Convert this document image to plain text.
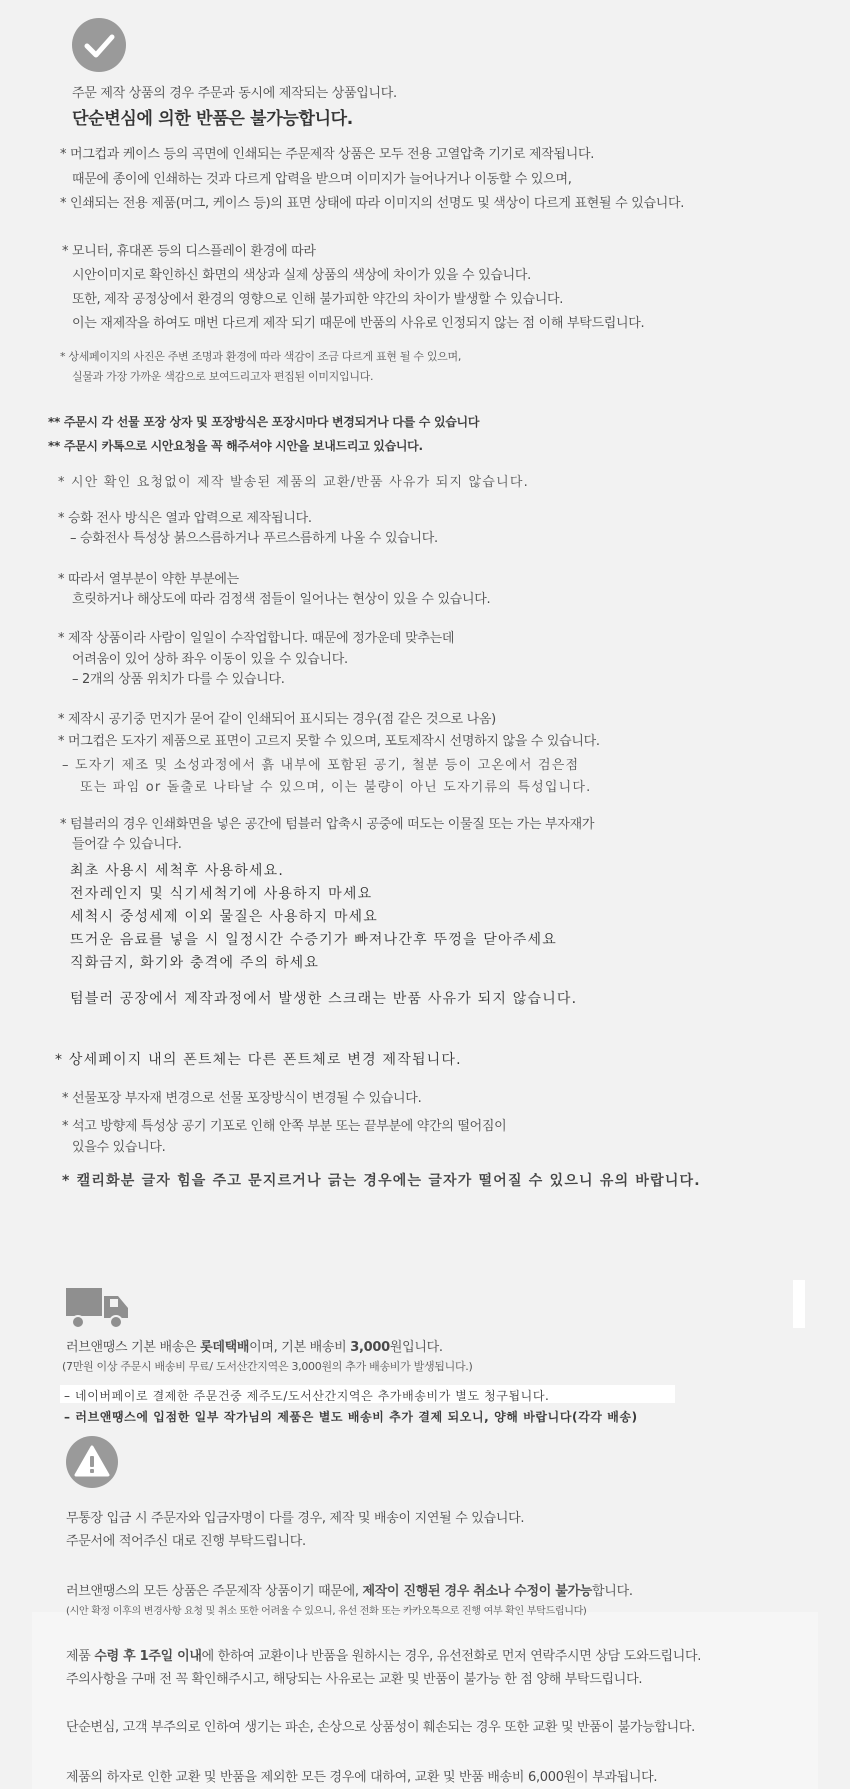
주문 제작 상품의 경우 주문과 동시에 제작되는 상품입니다.
단순변심에 의한 반품은 불가능합니다.
* 머그컵과 케이스 등의 곡면에 인쇄되는 주문제작 상품은 모두 전용 고열압축 기기로 제작됩니다.
때문에 종이에 인쇄하는 것과 다르게 압력을 받으며 이미지가 늘어나거나 이동할 수 있으며,
* 인쇄되는 전용 제품(머그, 케이스 등)의 표면 상태에 따라 이미지의 선명도 및 색상이 다르게 표현될 수 있습니다.
* 모니터, 휴대폰 등의 디스플레이 환경에 따라
시안이미지로 확인하신 화면의 색상과 실제 상품의 색상에 차이가 있을 수 있습니다.
또한, 제작 공정상에서 환경의 영향으로 인해 불가피한 약간의 차이가 발생할 수 있습니다.
이는 재제작을 하여도 매번 다르게 제작 되기 때문에 반품의 사유로 인정되지 않는 점 이해 부탁드립니다.
* 상세페이지의 사진은 주변 조명과 환경에 따라 색감이 조금 다르게 표현 될 수 있으며,
실물과 가장 가까운 색감으로 보여드리고자 편집된 이미지입니다.
** 주문시 각 선물 포장 상자 및 포장방식은 포장시마다 변경되거나 다를 수 있습니다
** 주문시 카톡으로 시안요청을 꼭 해주셔야 시안을 보내드리고 있습니다.
* 시안 확인 요청없이 제작 발송된 제품의 교환/반품 사유가 되지 않습니다.
* 승화 전사 방식은 열과 압력으로 제작됩니다.
– 승화전사 특성상 붉으스름하거나 푸르스름하게 나올 수 있습니다.
* 따라서 열부분이 약한 부분에는
흐릿하거나 해상도에 따라 검정색 점들이 일어나는 현상이 있을 수 있습니다.
* 제작 상품이라 사람이 일일이 수작업합니다. 때문에 정가운데 맞추는데
어려움이 있어 상하 좌우 이동이 있을 수 있습니다.
– 2개의 상품 위치가 다를 수 있습니다.
* 제작시 공기중 먼지가 묻어 같이 인쇄되어 표시되는 경우(점 같은 것으로 나옴)
* 머그컵은 도자기 제품으로 표면이 고르지 못할 수 있으며, 포토제작시 선명하지 않을 수 있습니다.
– 도자기 제조 및 소성과정에서 흙 내부에 포함된 공기, 철분 등이 고온에서 검은점
또는 파임 or 돌출로 나타날 수 있으며, 이는 불량이 아닌 도자기류의 특성입니다.
* 텀블러의 경우 인쇄화면을 넣은 공간에 텀블러 압축시 공중에 떠도는 이물질 또는 가는 부자재가
들어갈 수 있습니다.
최초 사용시 세척후 사용하세요.
전자레인지 및 식기세척기에 사용하지 마세요
세척시 중성세제 이외 물질은 사용하지 마세요
뜨거운 음료를 넣을 시 일정시간 수증기가 빠져나간후 뚜껑을 닫아주세요
직화금지, 화기와 충격에 주의 하세요
텀블러 공장에서 제작과정에서 발생한 스크래는 반품 사유가 되지 않습니다.
* 상세페이지 내의 폰트체는 다른 폰트체로 변경 제작됩니다.
* 선물포장 부자재 변경으로 선물 포장방식이 변경될 수 있습니다.
* 석고 방향제 특성상 공기 기포로 인해 안쪽 부분 또는 끝부분에 약간의 떨어짐이
있을수 있습니다.
* 캘리화분 글자 힘을 주고 문지르거나 긁는 경우에는 글자가 떨어질 수 있으니 유의 바랍니다.
러브앤땡스 기본 배송은 롯데택배이며, 기본 배송비 3,000원입니다.
(7만원 이상 주문시 배송비 무료/ 도서산간지역은 3,000원의 추가 배송비가 발생됩니다.)
– 네이버페이로 결제한 주문건중 제주도/도서산간지역은 추가배송비가 별도 청구됩니다.
– 러브앤땡스에 입점한 일부 작가님의 제품은 별도 배송비 추가 결제 되오니, 양해 바랍니다(각각 배송)
무통장 입금 시 주문자와 입금자명이 다를 경우, 제작 및 배송이 지연될 수 있습니다.
주문서에 적어주신 대로 진행 부탁드립니다.
러브앤땡스의 모든 상품은 주문제작 상품이기 때문에, 제작이 진행된 경우 취소나 수정이 불가능합니다.
(시안 확정 이후의 변경사항 요청 및 취소 또한 어려울 수 있으니, 유선 전화 또는 카카오톡으로 진행 여부 확인 부탁드립니다)
제품 수령 후 1주일 이내에 한하여 교환이나 반품을 원하시는 경우, 유선전화로 먼저 연락주시면 상담 도와드립니다.
주의사항을 구매 전 꼭 확인해주시고, 해당되는 사유로는 교환 및 반품이 불가능 한 점 양해 부탁드립니다.
단순변심, 고객 부주의로 인하여 생기는 파손, 손상으로 상품성이 훼손되는 경우 또한 교환 및 반품이 불가능합니다.
제품의 하자로 인한 교환 및 반품을 제외한 모든 경우에 대하여, 교환 및 반품 배송비 6,000원이 부과됩니다.
